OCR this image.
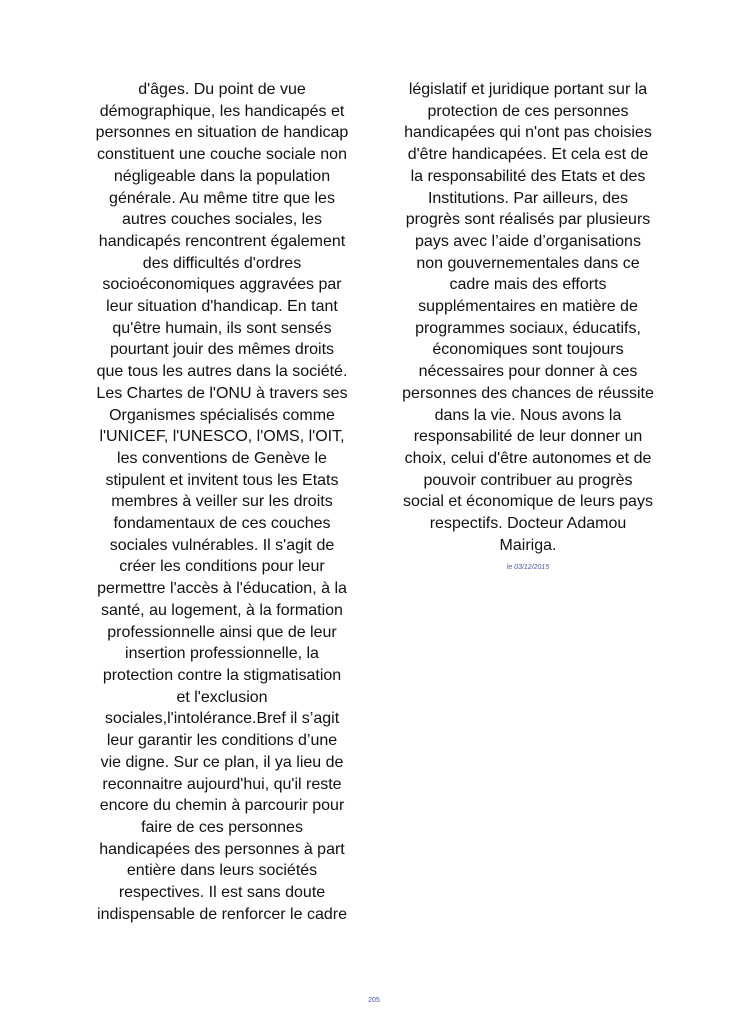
d'âges. Du point de vue
démographique, les handicapés et
personnes en situation de handicap
constituent une couche sociale non
négligeable dans la population
générale. Au même titre que les
autres couches sociales, les
handicapés rencontrent également
des difficultés d'ordres
socioéconomiques aggravées par
leur situation d'handicap. En tant
qu'être humain, ils sont sensés
pourtant jouir des mêmes droits
que tous les autres dans la société.
Les Chartes de l'ONU à travers ses
Organismes spécialisés comme
l'UNICEF, l'UNESCO, l'OMS, l'OIT,
les conventions de Genève le
stipulent et invitent tous les Etats
membres à veiller sur les droits
fondamentaux de ces couches
sociales vulnérables. Il s'agit de
créer les conditions pour leur
permettre l'accès à l'éducation, à la
santé, au logement, à la formation
professionnelle ainsi que de leur
insertion professionnelle, la
protection contre la stigmatisation
et l'exclusion
sociales,l'intolérance.Bref il s’agit
leur garantir les conditions d’une
vie digne. Sur ce plan, il ya lieu de
reconnaitre aujourd'hui, qu'il reste
encore du chemin à parcourir pour
faire de ces personnes
handicapées des personnes à part
entière dans leurs sociétés
respectives. Il est sans doute
indispensable de renforcer le cadre
législatif et juridique portant sur la
protection de ces personnes
handicapées qui n'ont pas choisies
d'être handicapées. Et cela est de
la responsabilité des Etats et des
Institutions. Par ailleurs, des
progrès sont réalisés par plusieurs
pays avec l’aide d’organisations
non gouvernementales dans ce
cadre mais des efforts
supplémentaires en matière de
programmes sociaux, éducatifs,
économiques sont toujours
nécessaires pour donner à ces
personnes des chances de réussite
dans la vie. Nous avons la
responsabilité de leur donner un
choix, celui d'être autonomes et de
pouvoir contribuer au progrès
social et économique de leurs pays
respectifs. Docteur Adamou
Mairiga.
le 03/12/2015
205
